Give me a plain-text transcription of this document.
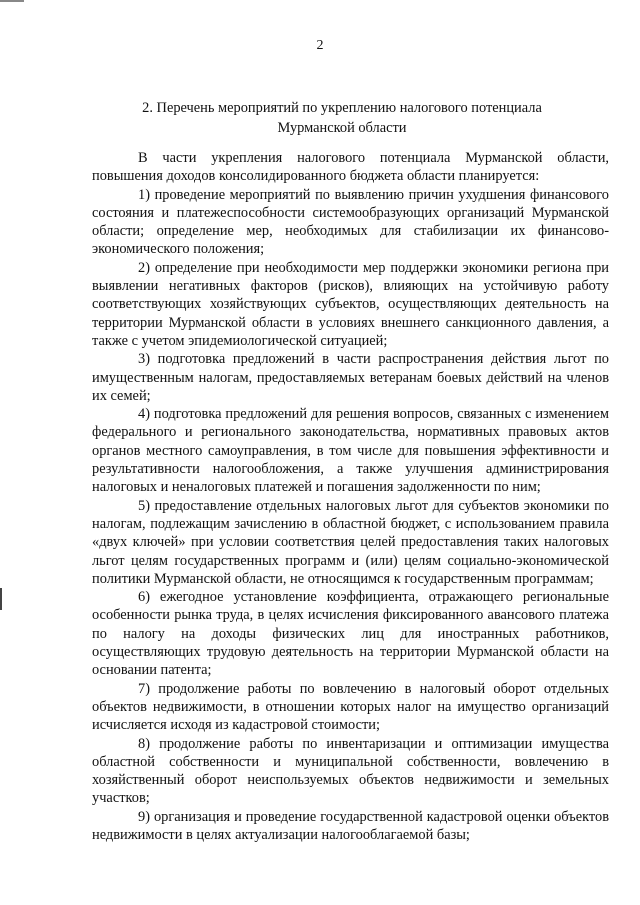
2
2. Перечень мероприятий по укреплению налогового потенциала
Мурманской области

В части укрепления налогового потенциала Мурманской области, повышения доходов консолидированного бюджета области планируется:

1) проведение мероприятий по выявлению причин ухудшения финансового состояния и платежеспособности системообразующих организаций Мурманской области; определение мер, необходимых для стабилизации их финансово-экономического положения;

2) определение при необходимости мер поддержки экономики региона при выявлении негативных факторов (рисков), влияющих на устойчивую работу соответствующих хозяйствующих субъектов, осуществляющих деятельность на территории Мурманской области в условиях внешнего санкционного давления, а также с учетом эпидемиологической ситуацией;

3) подготовка предложений в части распространения действия льгот по имущественным налогам, предоставляемых ветеранам боевых действий на членов их семей;

4) подготовка предложений для решения вопросов, связанных с изменением федерального и регионального законодательства, нормативных правовых актов органов местного самоуправления, в том числе для повышения эффективности и результативности налогообложения, а также улучшения администрирования налоговых и неналоговых платежей и погашения задолженности по ним;

5) предоставление отдельных налоговых льгот для субъектов экономики по налогам, подлежащим зачислению в областной бюджет, с использованием правила «двух ключей» при условии соответствия целей предоставления таких налоговых льгот целям государственных программ и (или) целям социально-экономической политики Мурманской области, не относящимся к государственным программам;

6) ежегодное установление коэффициента, отражающего региональные особенности рынка труда, в целях исчисления фиксированного авансового платежа по налогу на доходы физических лиц для иностранных работников, осуществляющих трудовую деятельность на территории Мурманской области на основании патента;

7) продолжение работы по вовлечению в налоговый оборот отдельных объектов недвижимости, в отношении которых налог на имущество организаций исчисляется исходя из кадастровой стоимости;

8) продолжение работы по инвентаризации и оптимизации имущества областной собственности и муниципальной собственности, вовлечению в хозяйственный оборот неиспользуемых объектов недвижимости и земельных участков;

9) организация и проведение государственной кадастровой оценки объектов недвижимости в целях актуализации налогооблагаемой базы;
